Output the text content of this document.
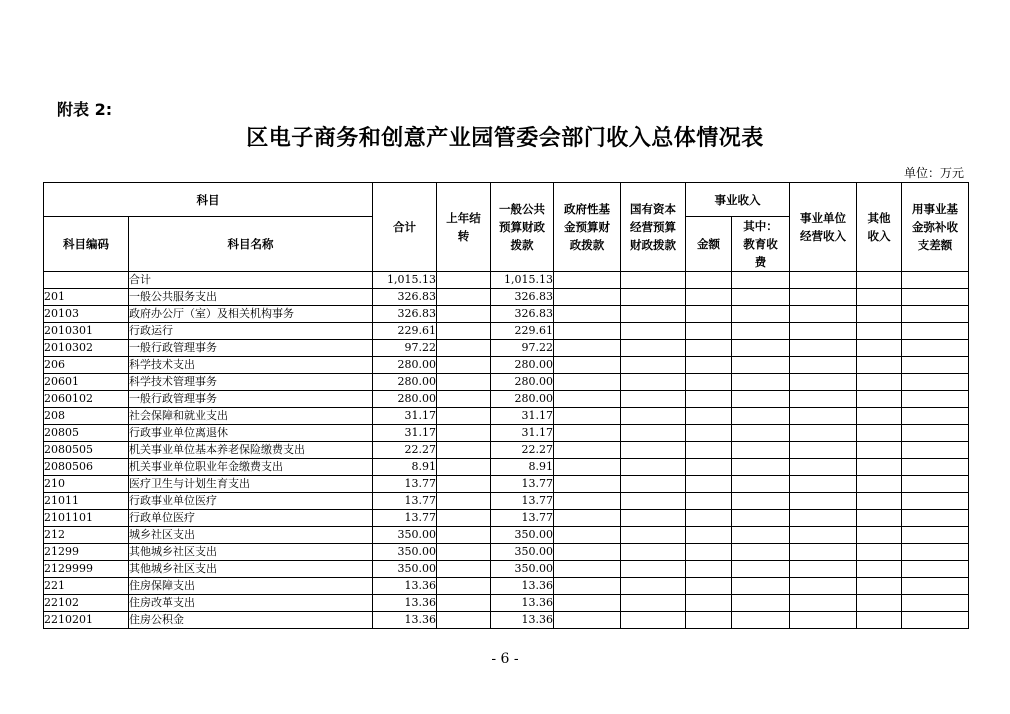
附表 2:
区电子商务和创意产业园管委会部门收入总体情况表
单位：万元
科目		合计	上年结转	一般公共预算财政拨款	政府性基金预算财政拨款	国有资本经营预算财政拨款	事业收入		事业单位经营收入	其他收入	用事业基金弥补收支差额
科目编码	科目名称						金额	其中：教育收费			
	合计	1,015.13		1,015.13							
201	一般公共服务支出	326.83		326.83							
20103	政府办公厅（室）及相关机构事务	326.83		326.83							
2010301	行政运行	229.61		229.61							
2010302	一般行政管理事务	97.22		97.22							
206	科学技术支出	280.00		280.00							
20601	科学技术管理事务	280.00		280.00							
2060102	一般行政管理事务	280.00		280.00							
208	社会保障和就业支出	31.17		31.17							
20805	行政事业单位离退休	31.17		31.17							
2080505	机关事业单位基本养老保险缴费支出	22.27		22.27							
2080506	机关事业单位职业年金缴费支出	8.91		8.91							
210	医疗卫生与计划生育支出	13.77		13.77							
21011	行政事业单位医疗	13.77		13.77							
2101101	行政单位医疗	13.77		13.77							
212	城乡社区支出	350.00		350.00							
21299	其他城乡社区支出	350.00		350.00							
2129999	其他城乡社区支出	350.00		350.00							
221	住房保障支出	13.36		13.36							
22102	住房改革支出	13.36		13.36							
2210201	住房公积金	13.36		13.36							
- 6 -
